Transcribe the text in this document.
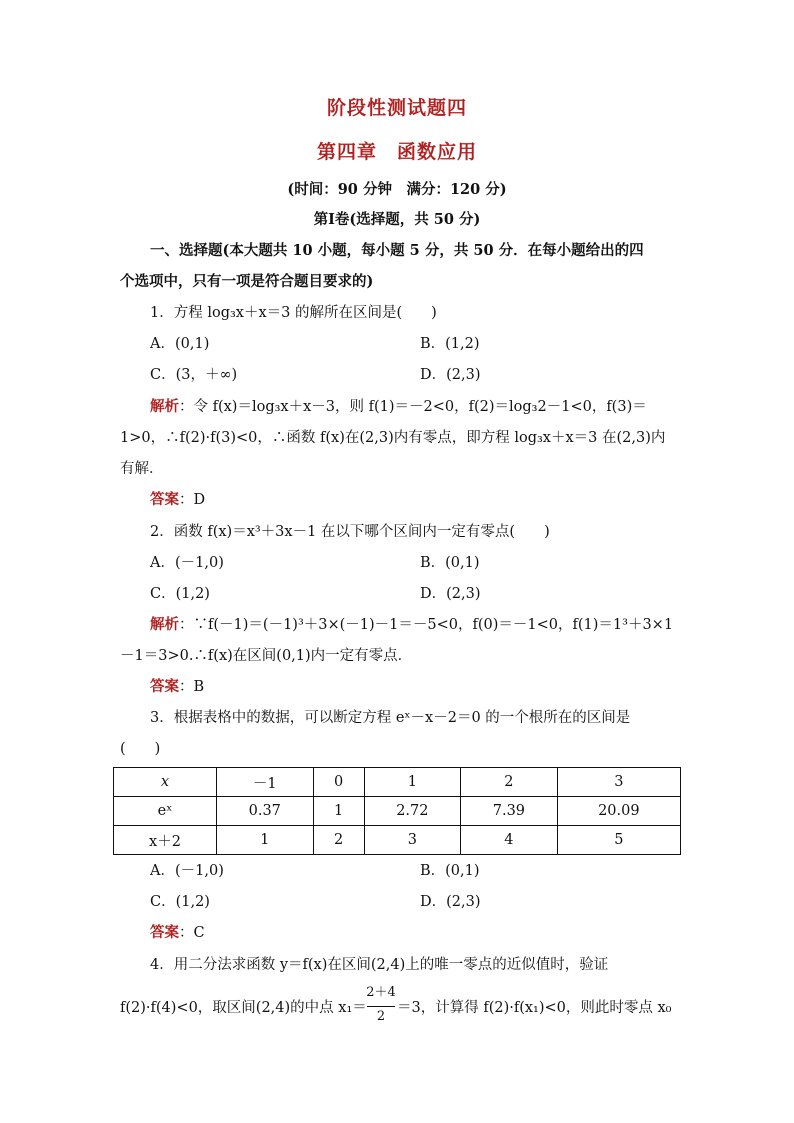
阶段性测试题四
第四章　函数应用
(时间：90 分钟　满分：120 分)
第Ⅰ卷(选择题，共 50 分)
一、选择题(本大题共 10 小题，每小题 5 分，共 50 分．在每小题给出的四
个选项中，只有一项是符合题目要求的)
1．方程 log₃x＋x＝3 的解所在区间是(　　)
A．(0,1)	B．(1,2)
C．(3，＋∞)	D．(2,3)
解析：令 f(x)＝log₃x＋x－3，则 f(1)＝－2<0，f(2)＝log₃2－1<0，f(3)＝
1>0，∴f(2)·f(3)<0，∴函数 f(x)在(2,3)内有零点，即方程 log₃x＋x＝3 在(2,3)内
有解．
答案：D
2．函数 f(x)＝x³＋3x－1 在以下哪个区间内一定有零点(　　)
A．(－1,0)	B．(0,1)
C．(1,2)	D．(2,3)
解析：∵f(－1)＝(－1)³＋3×(－1)－1＝－5<0，f(0)＝－1<0，f(1)＝1³＋3×1
－1＝3>0.∴f(x)在区间(0,1)内一定有零点．
答案：B
3．根据表格中的数据，可以断定方程 eˣ－x－2＝0 的一个根所在的区间是
(　　)
x	－1	0	1	2	3
eˣ	0.37	1	2.72	7.39	20.09
x＋2	1	2	3	4	5
A．(－1,0)	B．(0,1)
C．(1,2)	D．(2,3)
答案：C
4．用二分法求函数 y＝f(x)在区间(2,4)上的唯一零点的近似值时，验证
f(2)·f(4)<0，取区间(2,4)的中点 x₁＝
2＋4
2
＝3，计算得 f(2)·f(x₁)<0，则此时零点 x₀
